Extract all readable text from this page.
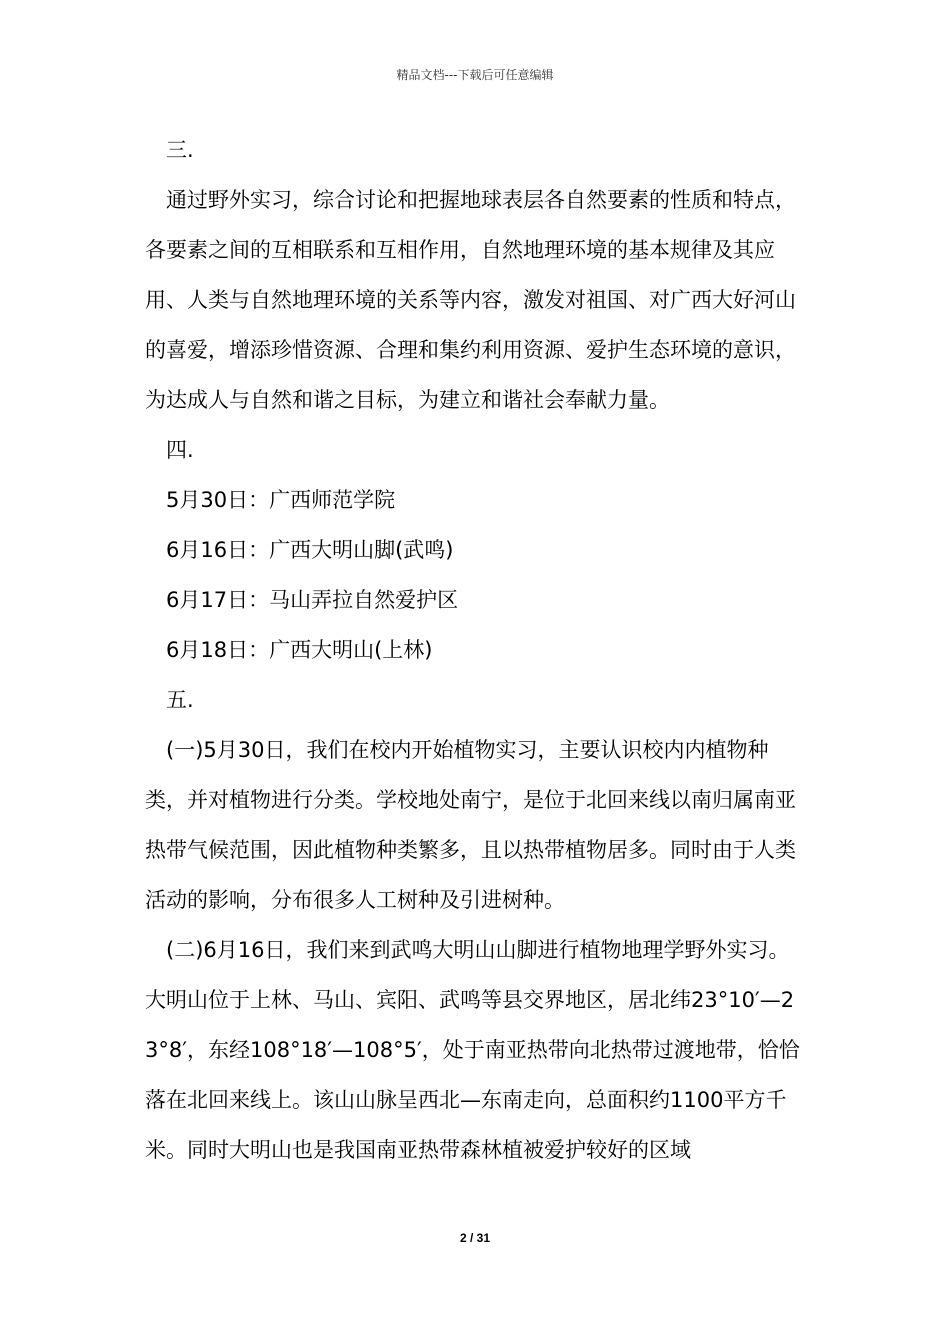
精品文档---下载后可任意编辑

三.

通过野外实习，综合讨论和把握地球表层各自然要素的性质和特点，各要素之间的互相联系和互相作用，自然地理环境的基本规律及其应用、人类与自然地理环境的关系等内容，激发对祖国、对广西大好河山的喜爱，增添珍惜资源、合理和集约利用资源、爱护生态环境的意识，为达成人与自然和谐之目标，为建立和谐社会奉献力量。

四.

5月30日：广西师范学院

6月16日：广西大明山脚(武鸣)

6月17日：马山弄拉自然爱护区

6月18日：广西大明山(上林)

五.

(一)5月30日，我们在校内开始植物实习，主要认识校内内植物种类，并对植物进行分类。学校地处南宁，是位于北回来线以南归属南亚热带气候范围，因此植物种类繁多，且以热带植物居多。同时由于人类活动的影响，分布很多人工树种及引进树种。

(二)6月16日，我们来到武鸣大明山山脚进行植物地理学野外实习。大明山位于上林、马山、宾阳、武鸣等县交界地区，居北纬23°10′—23°8′，东经108°18′—108°5′，处于南亚热带向北热带过渡地带，恰恰落在北回来线上。该山山脉呈西北—东南走向，总面积约1100平方千米。同时大明山也是我国南亚热带森林植被爱护较好的区域

2 / 31
